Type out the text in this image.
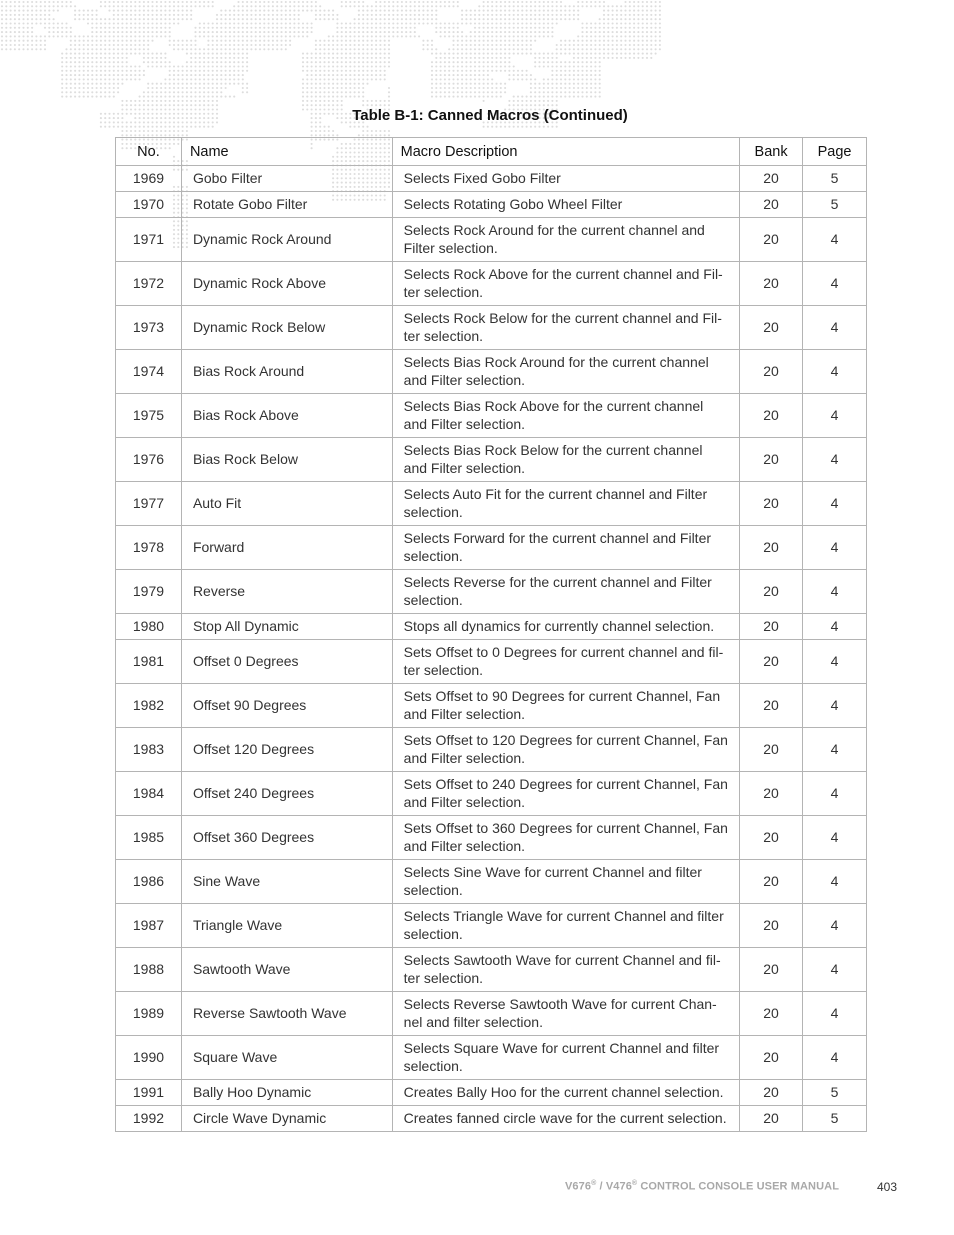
Table B-1: Canned Macros (Continued)
No.	Name	Macro Description	Bank	Page
1969	Gobo Filter	Selects Fixed Gobo Filter	20	5
1970	Rotate Gobo Filter	Selects Rotating Gobo Wheel Filter	20	5
1971	Dynamic Rock Around	Selects Rock Around for the current channel and Filter selection.	20	4
1972	Dynamic Rock Above	Selects Rock Above for the current channel and Fil-ter selection.	20	4
1973	Dynamic Rock Below	Selects Rock Below for the current channel and Fil-ter selection.	20	4
1974	Bias Rock Around	Selects Bias Rock Around for the current channel and Filter selection.	20	4
1975	Bias Rock Above	Selects Bias Rock Above for the current channel and Filter selection.	20	4
1976	Bias Rock Below	Selects Bias Rock Below for the current channel and Filter selection.	20	4
1977	Auto Fit	Selects Auto Fit for the current channel and Filter selection.	20	4
1978	Forward	Selects Forward for the current channel and Filter selection.	20	4
1979	Reverse	Selects Reverse for the current channel and Filter selection.	20	4
1980	Stop All Dynamic	Stops all dynamics for currently channel selection.	20	4
1981	Offset 0 Degrees	Sets Offset to 0 Degrees for current channel and fil-ter selection.	20	4
1982	Offset 90 Degrees	Sets Offset to 90 Degrees for current Channel, Fan and Filter selection.	20	4
1983	Offset 120 Degrees	Sets Offset to 120 Degrees for current Channel, Fan and Filter selection.	20	4
1984	Offset 240 Degrees	Sets Offset to 240 Degrees for current Channel, Fan and Filter selection.	20	4
1985	Offset 360 Degrees	Sets Offset to 360 Degrees for current Channel, Fan and Filter selection.	20	4
1986	Sine Wave	Selects Sine Wave for current Channel and filter selection.	20	4
1987	Triangle Wave	Selects Triangle Wave for current Channel and filter selection.	20	4
1988	Sawtooth Wave	Selects Sawtooth Wave for current Channel and fil-ter selection.	20	4
1989	Reverse Sawtooth Wave	Selects Reverse Sawtooth Wave for current Chan-nel and filter selection.	20	4
1990	Square Wave	Selects Square Wave for current Channel and filter selection.	20	4
1991	Bally Hoo Dynamic	Creates Bally Hoo for the current channel selection.	20	5
1992	Circle Wave Dynamic	Creates fanned circle wave for the current selection.	20	5
V676® / V476® CONTROL CONSOLE USER MANUAL	403
